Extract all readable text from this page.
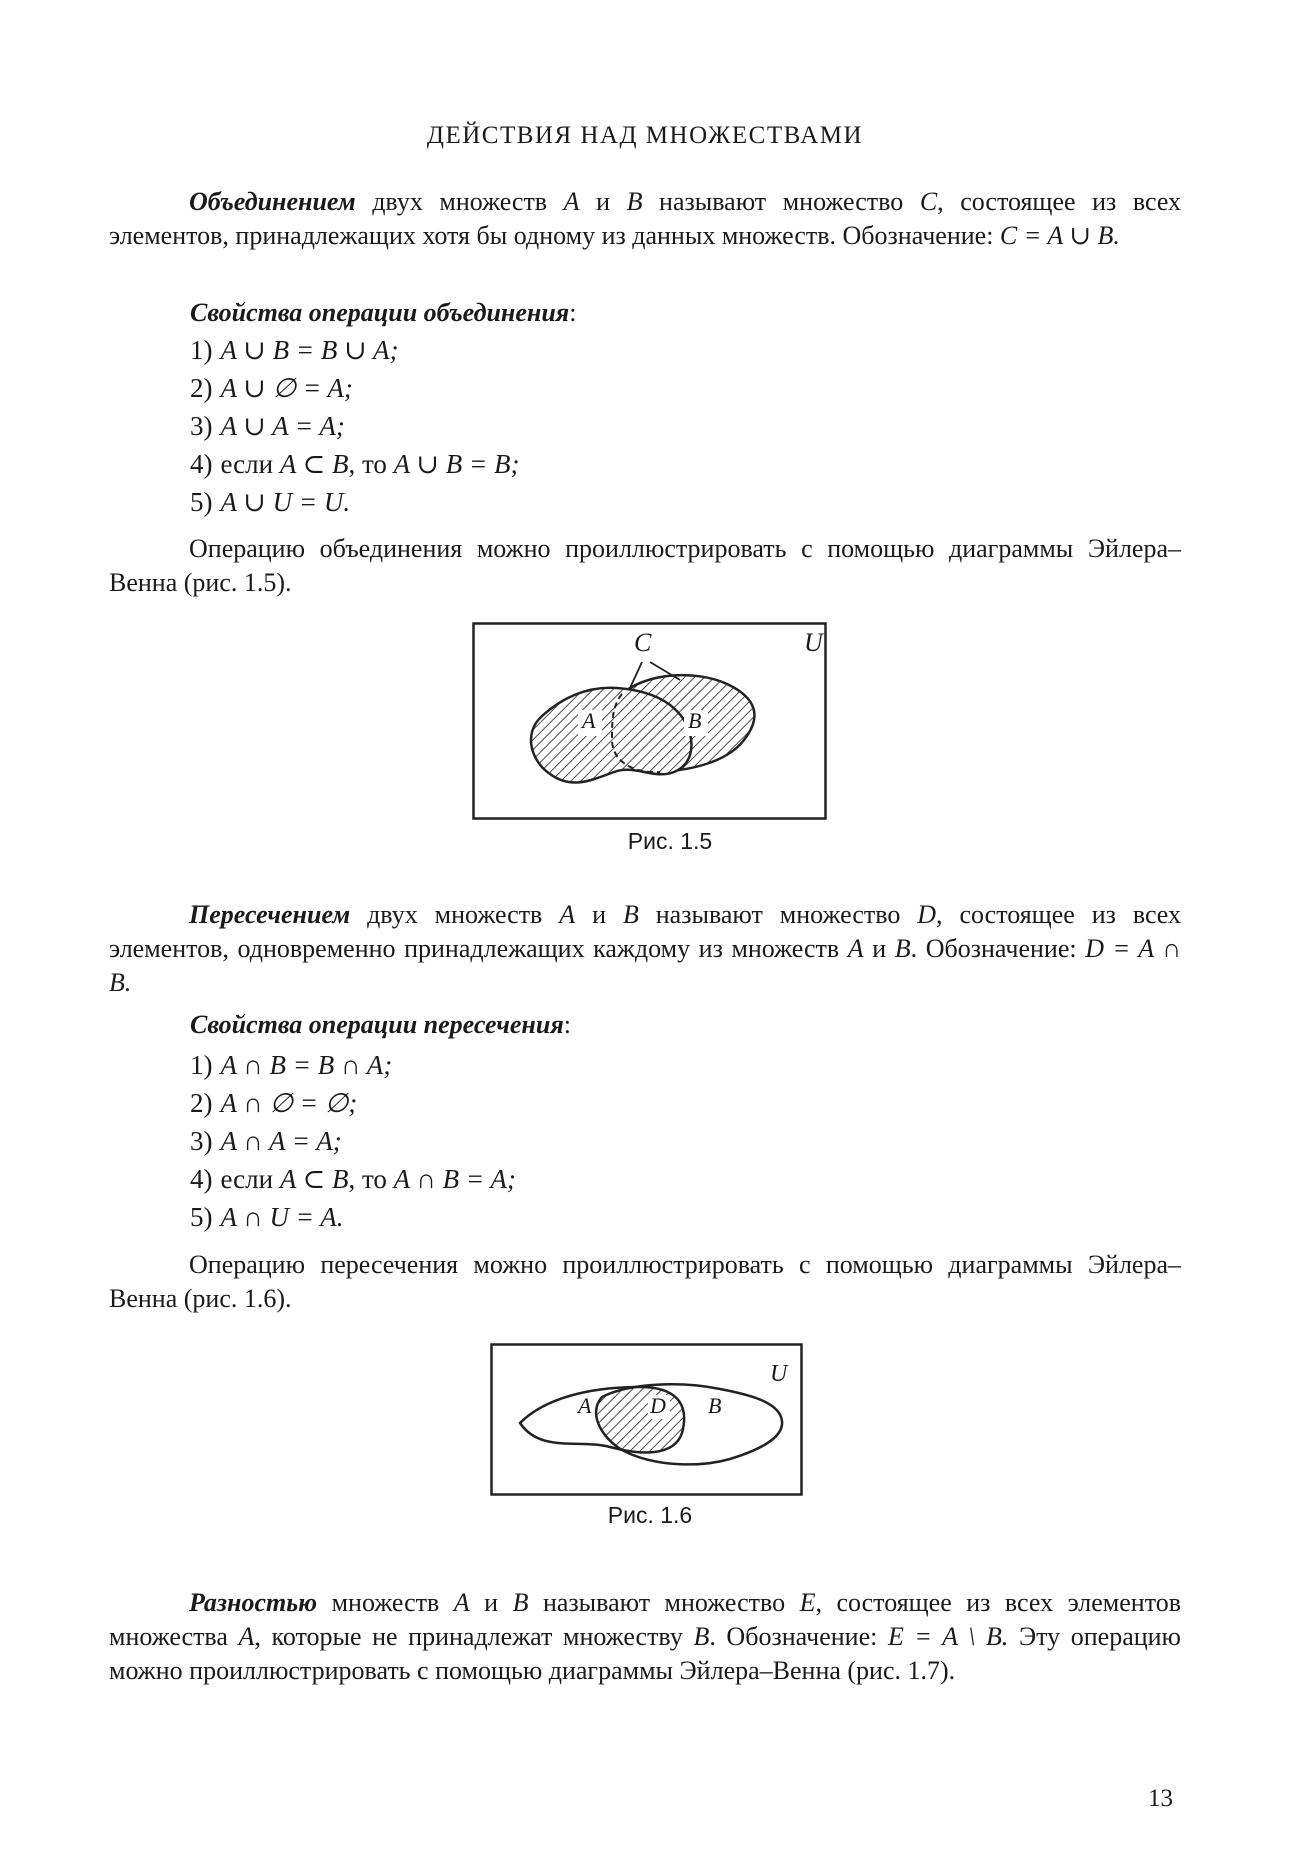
ДЕЙСТВИЯ НАД МНОЖЕСТВАМИ
Объединением двух множеств A и B называют множество C, состоящее из всех элементов, принадлежащих хотя бы одному из данных множеств. Обозначение: C = A ∪ B.
Свойства операции объединения:
1) A ∪ B = B ∪ A;
2) A ∪ ∅ = A;
3) A ∪ A = A;
4) если A ⊂ B, то A ∪ B = B;
5) A ∪ U = U.
Операцию объединения можно проиллюстрировать с помощью диаграммы Эйлера–Венна (рис. 1.5).
C	U
A	B
Рис. 1.5
Пересечением двух множеств A и B называют множество D, состоящее из всех элементов, одновременно принадлежащих каждому из множеств A и B. Обозначение: D = A ∩ B.
Свойства операции пересечения:
1) A ∩ B = B ∩ A;
2) A ∩ ∅ = ∅;
3) A ∩ A = A;
4) если A ⊂ B, то A ∩ B = A;
5) A ∩ U = A.
Операцию пересечения можно проиллюстрировать с помощью диаграммы Эйлера–Венна (рис. 1.6).
U
A	D B
Рис. 1.6
Разностью множеств A и B называют множество E, состоящее из всех элементов множества A, которые не принадлежат множеству B. Обозначение: E = A \ B. Эту операцию можно проиллюстрировать с помощью диаграммы Эйлера–Венна (рис. 1.7).
13
